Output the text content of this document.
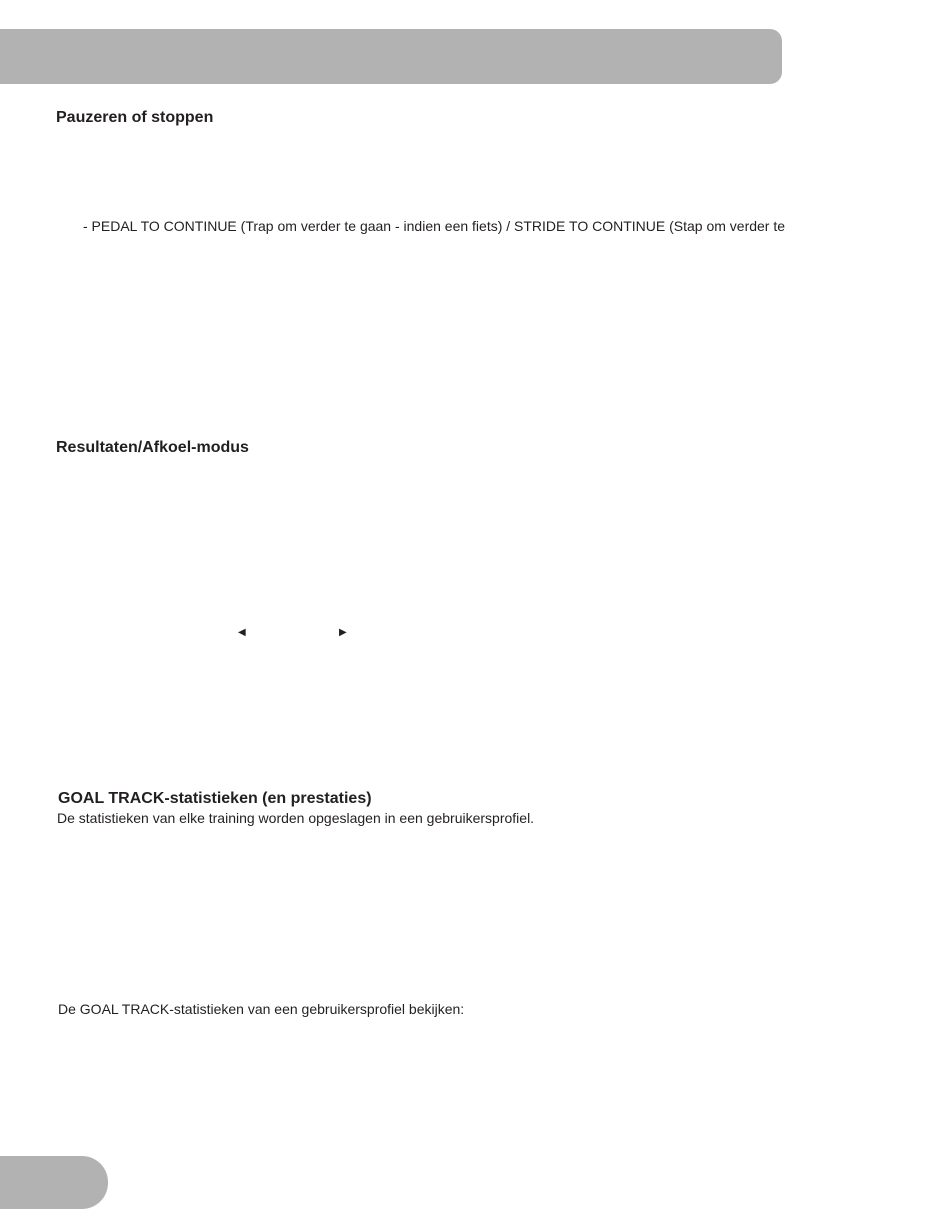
Pauzeren of stoppen

- PEDAL TO CONTINUE (Trap om verder te gaan - indien een fiets) / STRIDE TO CONTINUE (Stap om verder te

Resultaten/Afkoel-modus
◀	▶
GOAL TRACK-statistieken (en prestaties)

De statistieken van elke training worden opgeslagen in een gebruikersprofiel.

De GOAL TRACK-statistieken van een gebruikersprofiel bekijken:
